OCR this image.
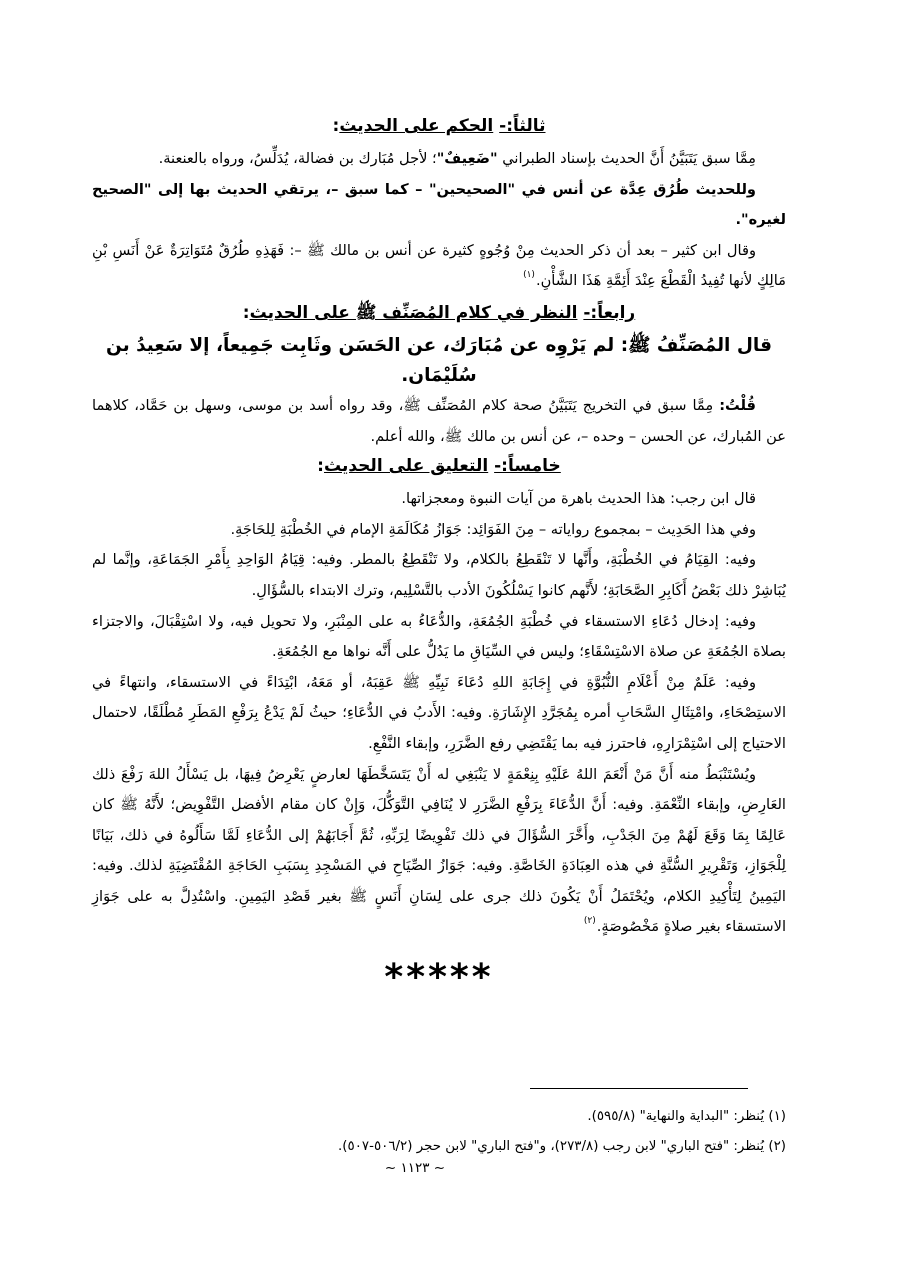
ثالثاً:- الحكم على الحديث:

مِمَّا سبق يَتَبَيَّنُ أَنَّ الحديث بإسناد الطبراني "ضَعِيفٌ"؛ لأجل مُبَارك بن فضالة، يُدَلِّسُ، ورواه بالعنعنة.

وللحديث طُرُق عِدَّة عن أنس في "الصحيحين" – كما سبق –، يرتقي الحديث بها إلى "الصحيح لغيره".

وقال ابن كثير – بعد أن ذكر الحديث مِنْ وُجُوهٍ كثيرة عن أنس بن مالك ﷺ –: فَهَذِهِ طُرُقٌ مُتَوَاتِرَةٌ عَنْ أَنَسِ بْنِ مَالِكٍ لأنها تُفِيدُ الْقَطْعَ عِنْدَ أَئِمَّةِ هَذَا الشَّأْنِ.$^{(١)}$

رابعاً:- النظر في كلام المُصَنِّف ﷺ على الحديث:
قال المُصَنِّفُ ﷺ: لم يَرْوِه عن مُبَارَك، عن الحَسَن وثَابِت جَمِيعاً، إلا سَعِيدُ بن سُلَيْمَان.

قُلْتُ: مِمَّا سبق في التخريج يَتَبَيَّنُ صحة كلام المُصَنِّف ﷺ، وقد رواه أسد بن موسى، وسهل بن حَمَّاد، كلاهما عن المُبارك، عن الحسن – وحده –، عن أنس بن مالك ﷺ، والله أعلم.

خامساً:- التعليق على الحديث:

قال ابن رجب: هذا الحديث باهرة من آيات النبوة ومعجزاتها.

وفي هذا الحَدِيث – بمجموع رواياته – مِنَ الفَوَائِد: جَوَازُ مُكَالَمَةِ الإمام في الخُطْبَةِ لِلحَاجَةِ.

وفيه: القِيَامُ في الخُطْبَةِ، وأَنَّها لا تَنْقَطِعُ بالكلام، ولا تَنْقَطِعُ بالمطر. وفيه: قِيَامُ الوَاحِدِ بِأَمْرِ الجَمَاعَةِ، وإنَّما لم يُبَاشِرْ ذلك بَعْضُ أَكَابِرِ الصَّحَابَةِ؛ لأَنَّهم كانوا يَسْلُكُونَ الأدب بالتَّسْلِيم، وترك الابتداء بالسُّؤَالِ.

وفيه: إدخال دُعَاءِ الاستسقاء في خُطْبَةِ الجُمُعَةِ، والدُّعَاءُ به على المِنْبَرِ، ولا تحويل فيه، ولا اسْتِقْبَالَ، والاجتزاء بصلاة الجُمُعَةِ عن صلاة الاسْتِسْقَاءِ؛ وليس في السِّيَاقِ ما يَدُلُّ على أَنَّه نواها مع الجُمُعَةِ.

وفيه: عَلَمٌ مِنْ أَعْلَامِ النُّبُوَّةِ في إِجَابَةِ اللهِ دُعَاءَ نَبِيِّهِ ﷺ عَقِبَهُ، أو مَعَهُ، ابْتِدَاءً في الاستسقاء، وانتهاءً في الاستِصْحَاءِ، وامْتِثَالِ السَّحَابِ أمره بِمُجَرَّدِ الإِشَارَةِ. وفيه: الأَدبُ في الدُّعَاءِ؛ حيثُ لَمْ يَدْعُ بِرَفْعِ المَطَرِ مُطْلَقًا، لاحتمال الاحتياج إلى اسْتِمْرَارِهِ، فاحترز فيه بما يَقْتَضِي رفع الضَّرَرِ، وإبقاء النَّفْعِ.

ويُسْتَنْبَطُ منه أَنَّ مَنْ أَنْعَمَ اللهُ عَلَيْهِ بِنِعْمَةٍ لا يَنْبَغِي له أَنْ يَتَسَخَّطَهَا لعارضٍ يَعْرِضُ فِيهَا، بل يَسْأَلُ اللهَ رَفْعَ ذلك العَارِضِ، وإبقاء النِّعْمَةِ. وفيه: أَنَّ الدُّعَاءَ بِرَفْعِ الضَّرَرِ لا يُنَافِي التَّوَكُّلَ، وَإِنْ كان مقام الأفضل التَّفْوِيض؛ لأَنَّهُ ﷺ كان عَالِمًا بِمَا وَقَعَ لَهُمْ مِنَ الجَدْبِ، وأَخَّرَ السُّؤَالَ في ذلك تَفْوِيضًا لِرَبِّهِ، ثُمَّ أَجَابَهُمْ إلى الدُّعَاءِ لَمَّا سَأَلُوهُ في ذلك، بَيَانًا لِلْجَوَازِ، وَتَقْرِيرِ السُّنَّةِ في هذه العِبَادَةِ الخَاصَّةِ. وفيه: جَوَازُ الصِّيَاحِ في المَسْجِدِ بِسَبَبِ الحَاجَةِ المُقْتَضِيَةِ لذلك. وفيه: اليَمِينُ لِتَأْكِيدِ الكلام، ويُحْتَمَلُ أَنْ يَكُونَ ذلك جرى على لِسَانِ أَنَسٍ ﷺ بغير قَصْدِ اليَمِينِ. واسْتُدِلَّ به على جَوَازِ الاستسقاء بغير صلاةٍ مَخْصُوصَةٍ.$^{(٢)}$

*****
(١) يُنظر: "البداية والنهاية" (٥٩٥/٨).
(٢) يُنظر: "فتح الباري" لابن رجب (٢٧٣/٨)، و"فتح الباري" لابن حجر (٥٠٦/٢-٥٠٧).
~ ١١٢٣ ~
